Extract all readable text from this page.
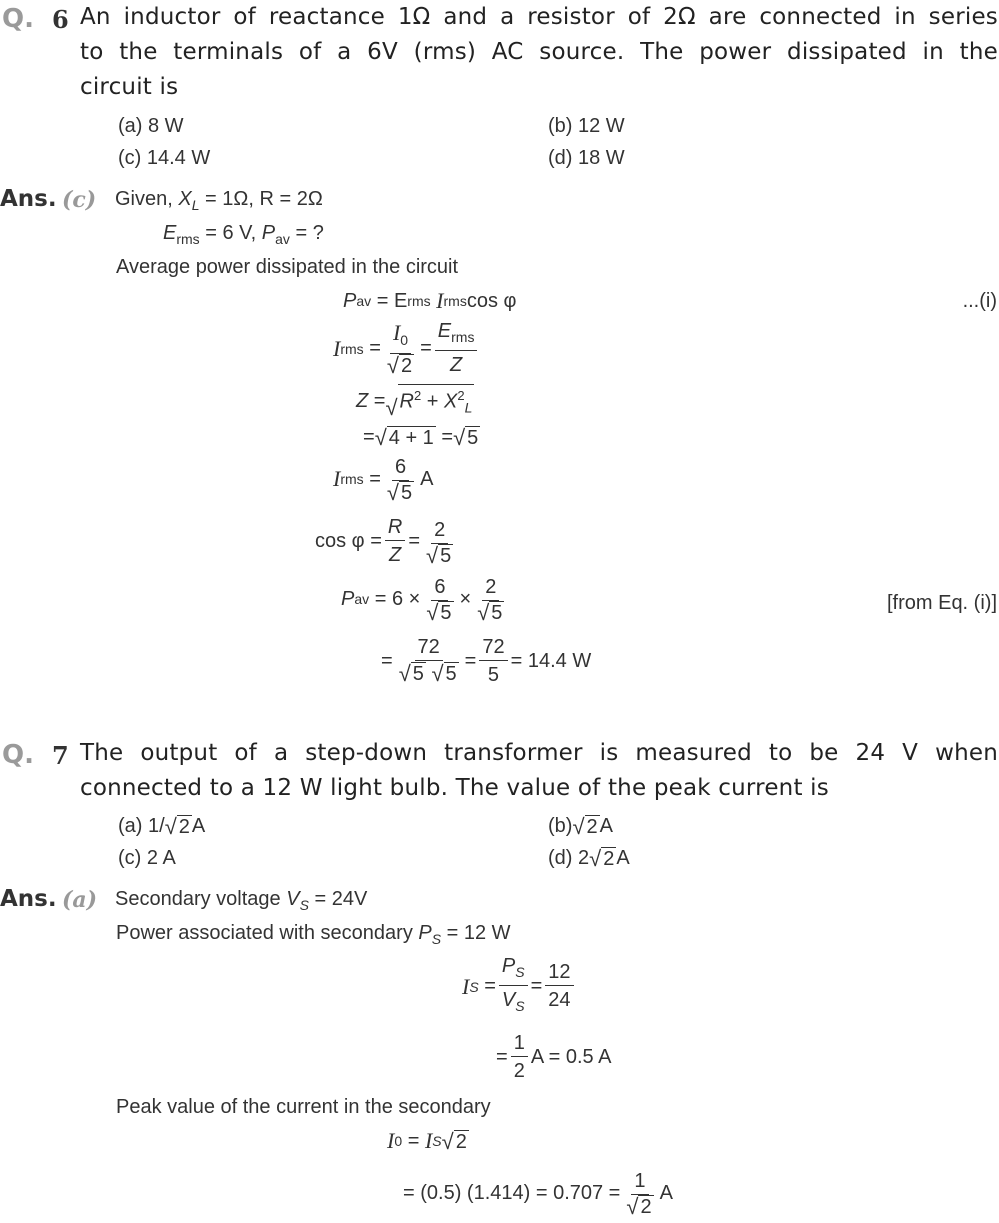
Q. 6 An inductor of reactance 1Ω and a resistor of 2Ω are connected in series
to the terminals of a 6V (rms) AC source. The power dissipated in the
circuit is
(a) 8 W	(b) 12 W
(c) 14.4 W	(d) 18 W
Ans. (c) Given, $X_L = 1\Omega$, R = 2Ω
$E_{rms} = 6$ V, $P_{av}$ = ?
Average power dissipated in the circuit
P av
= E rms
I rms cos φ	...(i)
I rms
= $\frac{I_0}{√ 2} = \frac{E_{rms}}{Z}$
Z
= √ $R^2 + X^2_L$
= √ 4 + 1
= √ 5
I rms
= $\frac{6}{√ 5}$ A
$\cos \varphi = \frac{R}{Z} = \frac{2}{√ 5}$
P av
= $6 \times \frac{6}{√ 5} \times \frac{2}{√ 5}$	[from Eq. (i)]
= 72
√ 5
√ $5 = \frac{72}{5} = 14.4$ W
Q. 7 The output of a step-down transformer is measured to be 24 V when
connected to a 12 W light bulb. The value of the peak current is
(a) 1/ √ 2 A	(b) √ 2 A
(c) 2 A	(d) 2 √ 2 A
Ans. (a) Secondary voltage $V_S = 24V$
Power associated with secondary $P_S = 12$ W
I S
= $\frac{P_S}{V_S} = \frac{12}{24}$
= $\frac{1}{2}$ A = 0.5 A
Peak value of the current in the secondary
I 0
=
I S √ 2
= (0.5) $(1.414) = 0.707 = \frac{1}{√ 2}$ A
